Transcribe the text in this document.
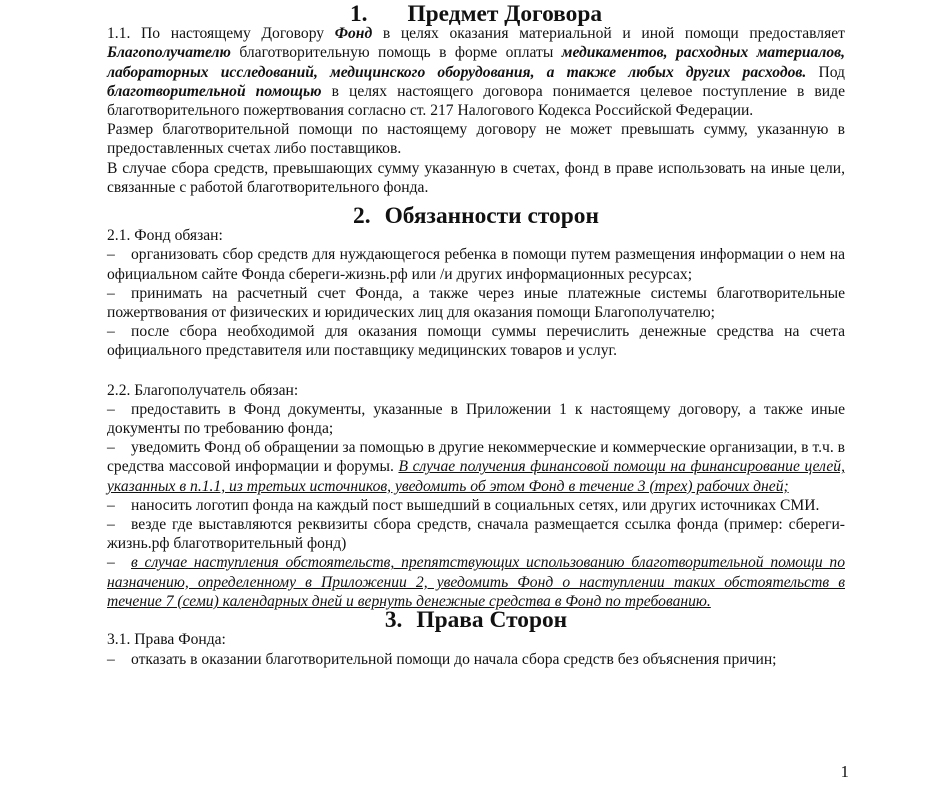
1. Предмет Договора

1.1. По настоящему Договору Фонд в целях оказания материальной и иной помощи предоставляет Благополучателю благотворительную помощь в форме оплаты медикаментов, расходных материалов, лабораторных исследований, медицинского оборудования, а также любых других расходов. Под благотворительной помощью в целях настоящего договора понимается целевое поступление в виде благотворительного пожертвования согласно ст. 217 Налогового Кодекса Российской Федерации.

Размер благотворительной помощи по настоящему договору не может превышать сумму, указанную в предоставленных счетах либо поставщиков.

В случае сбора средств, превышающих сумму указанную в счетах, фонд в праве использовать на иные цели, связанные с работой благотворительного фонда.

2. Обязанности сторон

2.1. Фонд обязан:

– организовать сбор средств для нуждающегося ребенка в помощи путем размещения информации о нем на официальном сайте Фонда сбереги-жизнь.рф или /и других информационных ресурсах;

– принимать на расчетный счет Фонда, а также через иные платежные системы благотворительные пожертвования от физических и юридических лиц для оказания помощи Благополучателю;

– после сбора необходимой для оказания помощи суммы перечислить денежные средства на счета официального представителя или поставщику медицинских товаров и услуг.

2.2. Благополучатель обязан:

– предоставить в Фонд документы, указанные в Приложении 1 к настоящему договору, а также иные документы по требованию фонда;

– уведомить Фонд об обращении за помощью в другие некоммерческие и коммерческие организации, в т.ч. в средства массовой информации и форумы. В случае получения финансовой помощи на финансирование целей, указанных в п.1.1, из третьих источников, уведомить об этом Фонд в течение 3 (трех) рабочих дней;

– наносить логотип фонда на каждый пост вышедший в социальных сетях, или других источниках СМИ.

– везде где выставляются реквизиты сбора средств, сначала размещается ссылка фонда (пример: сбереги-жизнь.рф благотворительный фонд)

– в случае наступления обстоятельств, препятствующих использованию благотворительной помощи по назначению, определенному в Приложении 2, уведомить Фонд о наступлении таких обстоятельств в течение 7 (семи) календарных дней и вернуть денежные средства в Фонд по требованию.

3. Права Сторон

3.1. Права Фонда:

– отказать в оказании благотворительной помощи до начала сбора средств без объяснения причин;

1
